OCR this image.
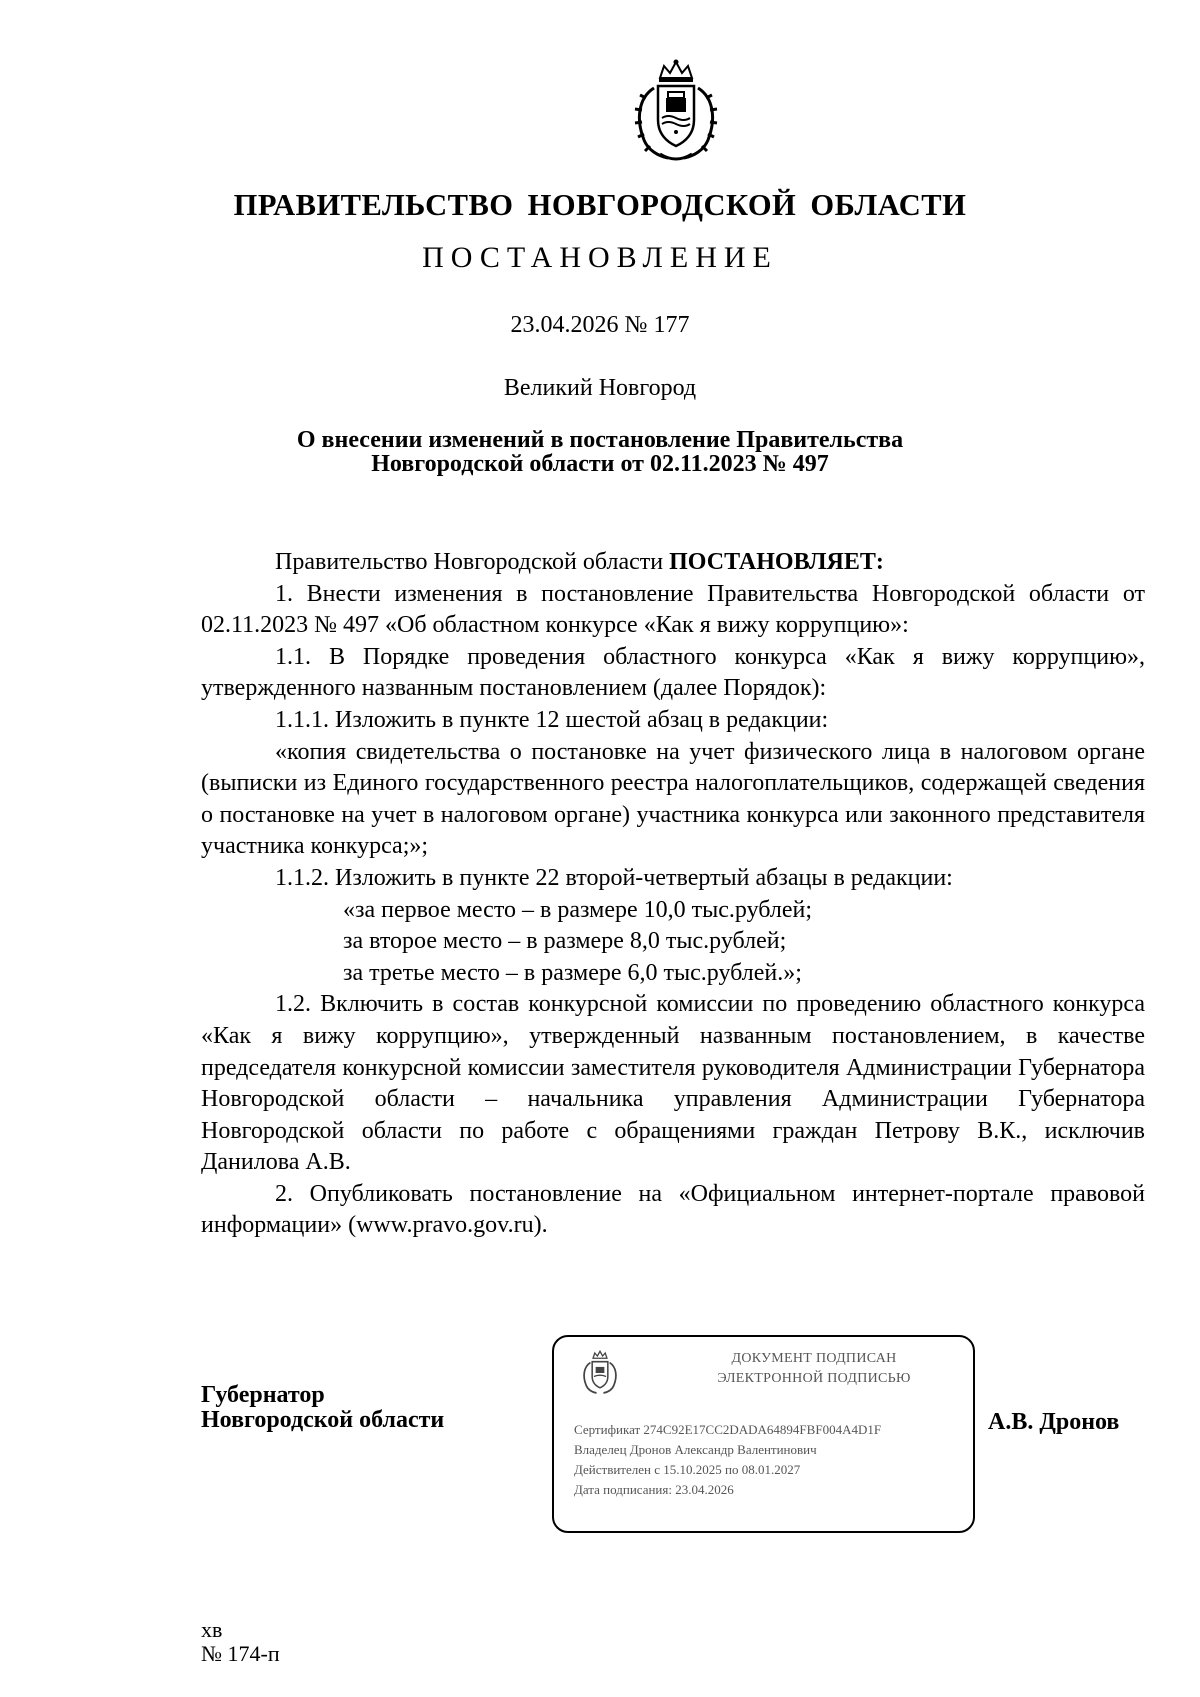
ПРАВИТЕЛЬСТВО НОВГОРОДСКОЙ ОБЛАСТИ
ПОСТАНОВЛЕНИЕ
23.04.2026 № 177
Великий Новгород
О внесении изменений в постановление Правительства
Новгородской области от 02.11.2023 № 497

Правительство Новгородской области ПОСТАНОВЛЯЕТ:

1. Внести изменения в постановление Правительства Новгородской области от 02.11.2023 № 497 «Об областном конкурсе «Как я вижу коррупцию»:

1.1. В Порядке проведения областного конкурса «Как я вижу коррупцию», утвержденного названным постановлением (далее Порядок):

1.1.1. Изложить в пункте 12 шестой абзац в редакции:

«копия свидетельства о постановке на учет физического лица в налоговом органе (выписки из Единого государственного реестра налогоплательщиков, содержащей сведения о постановке на учет в налоговом органе) участника конкурса или законного представителя участника конкурса;»;

1.1.2. Изложить в пункте 22 второй-четвертый абзацы в редакции:

«за первое место – в размере 10,0 тыс.рублей;

за второе место – в размере 8,0 тыс.рублей;

за третье место – в размере 6,0 тыс.рублей.»;

1.2. Включить в состав конкурсной комиссии по проведению областного конкурса «Как я вижу коррупцию», утвержденный названным постановлением, в качестве председателя конкурсной комиссии заместителя руководителя Администрации Губернатора Новгородской области – начальника управления Администрации Губернатора Новгородской области по работе с обращениями граждан Петрову В.К., исключив Данилова А.В.

2. Опубликовать постановление на «Официальном интернет-портале правовой информации» (www.pravo.gov.ru).

Губернатор
Новгородской области
ДОКУМЕНТ ПОДПИСАН
ЭЛЕКТРОННОЙ ПОДПИСЬЮ
Сертификат 274C92E17CC2DADA64894FBF004A4D1F
Владелец Дронов Александр Валентинович
Действителен с 15.10.2025 по 08.01.2027
Дата подписания: 23.04.2026
А.В. Дронов
хв
№ 174-п
